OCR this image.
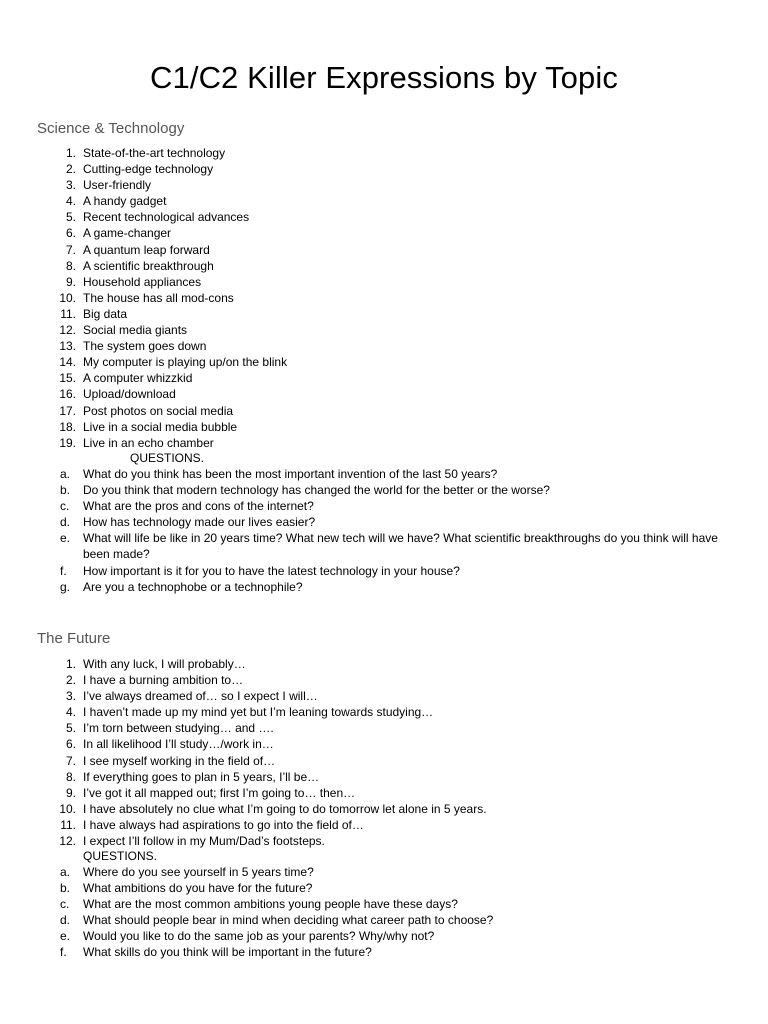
C1/C2 Killer Expressions by Topic
Science & Technology
1. State-of-the-art technology
2. Cutting-edge technology
3. User-friendly
4. A handy gadget
5. Recent technological advances
6. A game-changer
7. A quantum leap forward
8. A scientific breakthrough
9. Household appliances
10. The house has all mod-cons
11. Big data
12. Social media giants
13. The system goes down
14. My computer is playing up/on the blink
15. A computer whizzkid
16. Upload/download
17. Post photos on social media
18. Live in a social media bubble
19. Live in an echo chamber
QUESTIONS.
a. What do you think has been the most important invention of the last 50 years?
b. Do you think that modern technology has changed the world for the better or the worse?
c. What are the pros and cons of the internet?
d. How has technology made our lives easier?
e. What will life be like in 20 years time? What new tech will we have? What scientific breakthroughs do you think will have been made?
f. How important is it for you to have the latest technology in your house?
g. Are you a technophobe or a technophile?
The Future
1. With any luck, I will probably…
2. I have a burning ambition to…
3. I’ve always dreamed of… so I expect I will…
4. I haven’t made up my mind yet but I’m leaning towards studying…
5. I’m torn between studying… and ….
6. In all likelihood I’ll study…/work in…
7. I see myself working in the field of…
8. If everything goes to plan in 5 years, I’ll be…
9. I’ve got it all mapped out; first I’m going to… then…
10. I have absolutely no clue what I’m going to do tomorrow let alone in 5 years.
11. I have always had aspirations to go into the field of…
12. I expect I’ll follow in my Mum/Dad’s footsteps.
QUESTIONS.
a. Where do you see yourself in 5 years time?
b. What ambitions do you have for the future?
c. What are the most common ambitions young people have these days?
d. What should people bear in mind when deciding what career path to choose?
e. Would you like to do the same job as your parents? Why/why not?
f. What skills do you think will be important in the future?
